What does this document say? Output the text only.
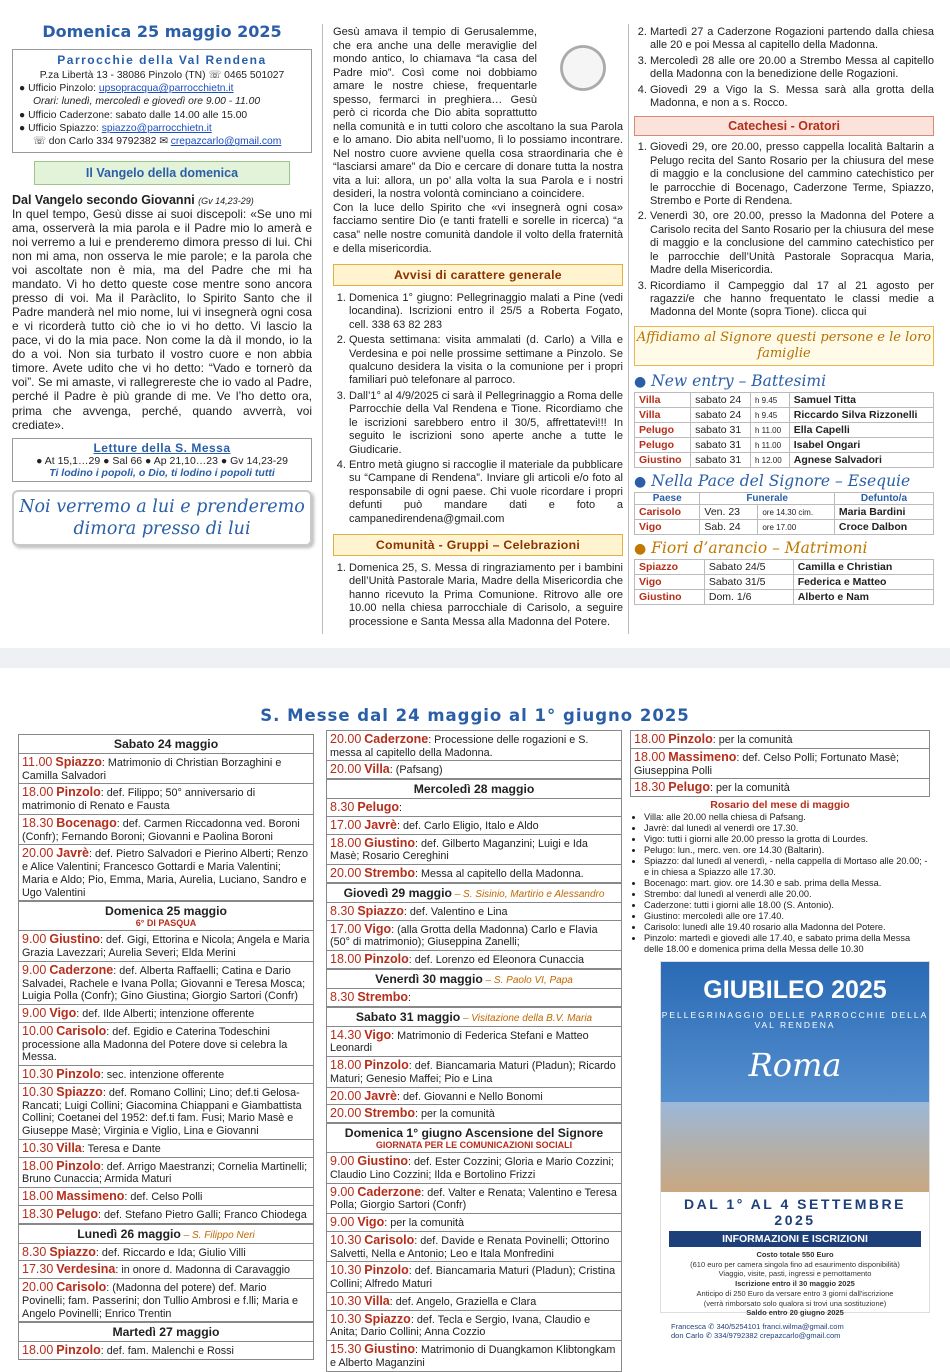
Domenica 25 maggio 2025
Parrocchie della Val Rendena
P.za Libertà 13 - 38086 Pinzolo (TN) ☏ 0465 501027
● Ufficio Pinzolo: upsopracqua@parrocchietn.it
Orari: lunedì, mercoledì e giovedì ore 9.00 - 11.00
● Ufficio Caderzone: sabato dalle 14.00 alle 15.00
● Ufficio Spiazzo: spiazzo@parrocchietn.it
☏ don Carlo 334 9792382 ✉ crepazcarlo@gmail.com
Il Vangelo della domenica
Dal Vangelo secondo Giovanni (Gv 14,23-29)
In quel tempo, Gesù disse ai suoi discepoli: «Se uno mi ama, osserverà la mia parola e il Padre mio lo amerà e noi verremo a lui e prenderemo dimora presso di lui. Chi non mi ama, non osserva le mie parole; e la parola che voi ascoltate non è mia, ma del Padre che mi ha mandato. Vi ho detto queste cose mentre sono ancora presso di voi. Ma il Paràclito, lo Spirito Santo che il Padre manderà nel mio nome, lui vi insegnerà ogni cosa e vi ricorderà tutto ciò che io vi ho detto. Vi lascio la pace, vi do la mia pace. Non come la dà il mondo, io la do a voi. Non sia turbato il vostro cuore e non abbia timore. Avete udito che vi ho detto: “Vado e tornerò da voi”. Se mi amaste, vi rallegrereste che io vado al Padre, perché il Padre è più grande di me. Ve l’ho detto ora, prima che avvenga, perché, quando avverrà, voi crediate».
Letture della S. Messa
● At 15,1…29 ● Sal 66 ● Ap 21,10…23 ● Gv 14,23-29
Ti lodino i popoli, o Dio, ti lodino i popoli tutti
Noi verremo a lui e prenderemo dimora presso di lui
Gesù amava il tempio di Gerusalemme, che era anche una delle meraviglie del mondo antico, lo chiamava “la casa del Padre mio”. Così come noi dobbiamo amare le nostre chiese, frequentarle spesso, fermarci in preghiera… Gesù però ci ricorda che Dio abita soprattutto nella comunità e in tutti coloro che ascoltano la sua Parola e lo amano. Dio abita nell’uomo, lì lo possiamo incontrare. Nel nostro cuore avviene quella cosa straordinaria che è “lasciarsi amare” da Dio e cercare di donare tutta la nostra vita a lui: allora, un po’ alla volta la sua Parola e i nostri desideri, la nostra volontà cominciano a coincidere.
Con la luce dello Spirito che «vi insegnerà ogni cosa» facciamo sentire Dio (e tanti fratelli e sorelle in ricerca) “a casa” nelle nostre comunità dandole il volto della fraternità e della misericordia.
Avvisi di carattere generale
1. Domenica 1° giugno: Pellegrinaggio malati a Pine (vedi locandina). Iscrizioni entro il 25/5 a Roberta Fogato, cell. 338 63 82 283
2. Questa settimana: visita ammalati (d. Carlo) a Villa e Verdesina e poi nelle prossime settimane a Pinzolo. Se qualcuno desidera la visita o la comunione per i propri familiari può telefonare al parroco.
3. Dall’1° al 4/9/2025 ci sarà il Pellegrinaggio a Roma delle Parrocchie della Val Rendena e Tione. Ricordiamo che le iscrizioni sarebbero entro il 30/5, affrettatevi!!! In seguito le iscrizioni sono aperte anche a tutte le Giudicarie.
4. Entro metà giugno si raccoglie il materiale da pubblicare su “Campane di Rendena”. Inviare gli articoli e/o foto al responsabile di ogni paese. Chi vuole ricordare i propri defunti può mandare dati e foto a campanedirendena@gmail.com
Comunità - Gruppi – Celebrazioni
1. Domenica 25, S. Messa di ringraziamento per i bambini dell’Unità Pastorale Maria, Madre della Misericordia che hanno ricevuto la Prima Comunione. Ritrovo alle ore 10.00 nella chiesa parrocchiale di Carisolo, a seguire processione e Santa Messa alla Madonna del Potere.
2. Martedì 27 a Caderzone Rogazioni partendo dalla chiesa alle 20 e poi Messa al capitello della Madonna.
3. Mercoledì 28 alle ore 20.00 a Strembo Messa al capitello della Madonna con la benedizione delle Rogazioni.
4. Giovedì 29 a Vigo la S. Messa sarà alla grotta della Madonna, e non a s. Rocco.
Catechesi - Oratori
1. Giovedì 29, ore 20.00, presso cappella località Baltarin a Pelugo recita del Santo Rosario per la chiusura del mese di maggio e la conclusione del cammino catechistico per le parrocchie di Bocenago, Caderzone Terme, Spiazzo, Strembo e Porte di Rendena.
2. Venerdì 30, ore 20.00, presso la Madonna del Potere a Carisolo recita del Santo Rosario per la chiusura del mese di maggio e la conclusione del cammino catechistico per le parrocchie dell’Unità Pastorale Sopracqua Maria, Madre della Misericordia.
3. Ricordiamo il Campeggio dal 17 al 21 agosto per ragazzi/e che hanno frequentato le classi medie a Madonna del Monte (sopra Tione). clicca qui
Affidiamo al Signore questi persone e le loro famiglie
● New entry – Battesimi
Villa	sabato 24	h 9.45	Samuel Titta
Villa	sabato 24	h 9.45	Riccardo Silva Rizzonelli
Pelugo	sabato 31	h 11.00	Ella Capelli
Pelugo	sabato 31	h 11.00	Isabel Ongari
Giustino	sabato 31	h 12.00	Agnese Salvadori
● Nella Pace del Signore – Esequie
Paese	Funerale		Defunto/a
Carisolo	Ven. 23	ore 14.30 cim.	Maria Bardini
Vigo	Sab. 24	ore 17.00	Croce Dalbon
● Fiori d’arancio – Matrimoni
Spiazzo	Sabato 24/5	Camilla e Christian
Vigo	Sabato 31/5	Federica e Matteo
Giustino	Dom. 1/6	Alberto e Nam
S. Messe dal 24 maggio al 1° giugno 2025
Sabato 24 maggio
11.00 Spiazzo: Matrimonio di Christian Borzaghini e Camilla Salvadori
18.00 Pinzolo: def. Filippo; 50° anniversario di matrimonio di Renato e Fausta
18.30 Bocenago: def. Carmen Riccadonna ved. Boroni (Confr); Fernando Boroni; Giovanni e Paolina Boroni
20.00 Javrè: def. Pietro Salvadori e Pierino Alberti; Renzo e Alice Valentini; Francesco Gottardi e Maria Valentini; Maria e Aldo; Pio, Emma, Maria, Aurelia, Luciano, Sandro e Ugo Valentini
Domenica 25 maggio
6° DI PASQUA
9.00 Giustino: def. Gigi, Ettorina e Nicola; Angela e Maria Grazia Lavezzari; Aurelia Severi; Elda Merini
9.00 Caderzone: def. Alberta Raffaelli; Catina e Dario Salvadei, Rachele e Ivana Polla; Giovanni e Teresa Mosca; Luigia Polla (Confr); Gino Giustina; Giorgio Sartori (Confr)
9.00 Vigo: def. Ilde Alberti; intenzione offerente
10.00 Carisolo: def. Egidio e Caterina Todeschini processione alla Madonna del Potere dove si celebra la Messa.
10.30 Pinzolo: sec. intenzione offerente
10.30 Spiazzo: def. Romano Collini; Lino; def.ti Gelosa-Rancati; Luigi Collini; Giacomina Chiappani e Giambattista Collini; Coetanei del 1952: def.ti fam. Fusi; Mario Masè e Giuseppe Masè; Virginia e Viglio, Lina e Giovanni
10.30 Villa: Teresa e Dante
18.00 Pinzolo: def. Arrigo Maestranzi; Cornelia Martinelli; Bruno Cunaccia; Armida Maturi
18.00 Massimeno: def. Celso Polli
18.30 Pelugo: def. Stefano Pietro Galli; Franco Chiodega
Lunedì 26 maggio – S. Filippo Neri
8.30 Spiazzo: def. Riccardo e Ida; Giulio Villi
17.30 Verdesina: in onore d. Madonna di Caravaggio
20.00 Carisolo: (Madonna del potere) def. Mario Povinelli; fam. Passerini; don Tullio Ambrosi e f.lli; Maria e Angelo Povinelli; Enrico Trentin
Martedì 27 maggio
18.00 Pinzolo: def. fam. Malenchi e Rossi
20.00 Caderzone: Processione delle rogazioni e S. messa al capitello della Madonna.
20.00 Villa: (Pafsang)
Mercoledì 28 maggio
8.30 Pelugo:
17.00 Javrè: def. Carlo Eligio, Italo e Aldo
18.00 Giustino: def. Gilberto Maganzini; Luigi e Ida Masè; Rosario Cereghini
20.00 Strembo: Messa al capitello della Madonna.
Giovedì 29 maggio – S. Sisinio, Martirio e Alessandro
8.30 Spiazzo: def. Valentino e Lina
17.00 Vigo: (alla Grotta della Madonna) Carlo e Flavia (50° di matrimonio); Giuseppina Zanelli;
18.00 Pinzolo: def. Lorenzo ed Eleonora Cunaccia
Venerdì 30 maggio – S. Paolo VI, Papa
8.30 Strembo:
Sabato 31 maggio – Visitazione della B.V. Maria
14.30 Vigo: Matrimonio di Federica Stefani e Matteo Leonardi
18.00 Pinzolo: def. Biancamaria Maturi (Pladun); Ricardo Maturi; Genesio Maffei; Pio e Lina
20.00 Javrè: def. Giovanni e Nello Bonomi
20.00 Strembo: per la comunità
Domenica 1° giugno Ascensione del Signore
GIORNATA PER LE COMUNICAZIONI SOCIALI
9.00 Giustino: def. Ester Cozzini; Gloria e Mario Cozzini; Claudio Lino Cozzini; Ilda e Bortolino Frizzi
9.00 Caderzone: def. Valter e Renata; Valentino e Teresa Polla; Giorgio Sartori (Confr)
9.00 Vigo: per la comunità
10.30 Carisolo: def. Davide e Renata Povinelli; Ottorino Salvetti, Nella e Antonio; Leo e Itala Monfredini
10.30 Pinzolo: def. Biancamaria Maturi (Pladun); Cristina Collini; Alfredo Maturi
10.30 Villa: def. Angelo, Graziella e Clara
10.30 Spiazzo: def. Teclа e Sergio, Ivana, Claudio e Anita; Dario Collini; Anna Cozzio
15.30 Giustino: Matrimonio di Duangkamon Klibtongkam e Alberto Maganzini
18.00 Pinzolo: per la comunità
18.00 Massimeno: def. Celso Polli; Fortunato Masè; Giuseppina Polli
18.30 Pelugo: per la comunità
Rosario del mese di maggio
• Villa: alle 20.00 nella chiesa di Pafsang.
• Javrè: dal lunedì al venerdì ore 17.30.
• Vigo: tutti i giorni alle 20.00 presso la grotta di Lourdes.
• Pelugo: lun., merc. ven. ore 14.30 (Baltarin).
• Spiazzo: dal lunedì al venerdì, - nella cappella di Mortaso alle 20.00; - e in chiesa a Spiazzo alle 17.30.
• Bocenago: mart. giov. ore 14.30 e sab. prima della Messa.
• Strembo: dal lunedì al venerdì alle 20.00.
• Caderzone: tutti i giorni alle 18.00 (S. Antonio).
• Giustino: mercoledì alle ore 17.40.
• Carisolo: lunedì alle 19.40 rosario alla Madonna del Potere.
• Pinzolo: martedì e giovedì alle 17.40, e sabato prima della Messa delle 18.00 e domenica prima della Messa delle 10.30
GIUBILEO 2025
PELLEGRINAGGIO DELLE PARROCCHIE DELLA VAL RENDENA
Roma
DAL 1° AL 4 SETTEMBRE 2025
INFORMAZIONI E ISCRIZIONI
Costo totale 550 Euro
(610 euro per camera singola fino ad esaurimento disponibilità)
Viaggio, visite, pasti, ingressi e pernottamento
Iscrizione entro il 30 maggio 2025
Anticipo di 250 Euro da versare entro 3 giorni dall'iscrizione
(verrà rimborsato solo qualora si trovi una sostituzione)
Saldo entro 20 giugno 2025
Francesca ✆ 340/5254101 franci.wilma@gmail.com
don Carlo ✆ 334/9792382 crepazcarlo@gmail.com
